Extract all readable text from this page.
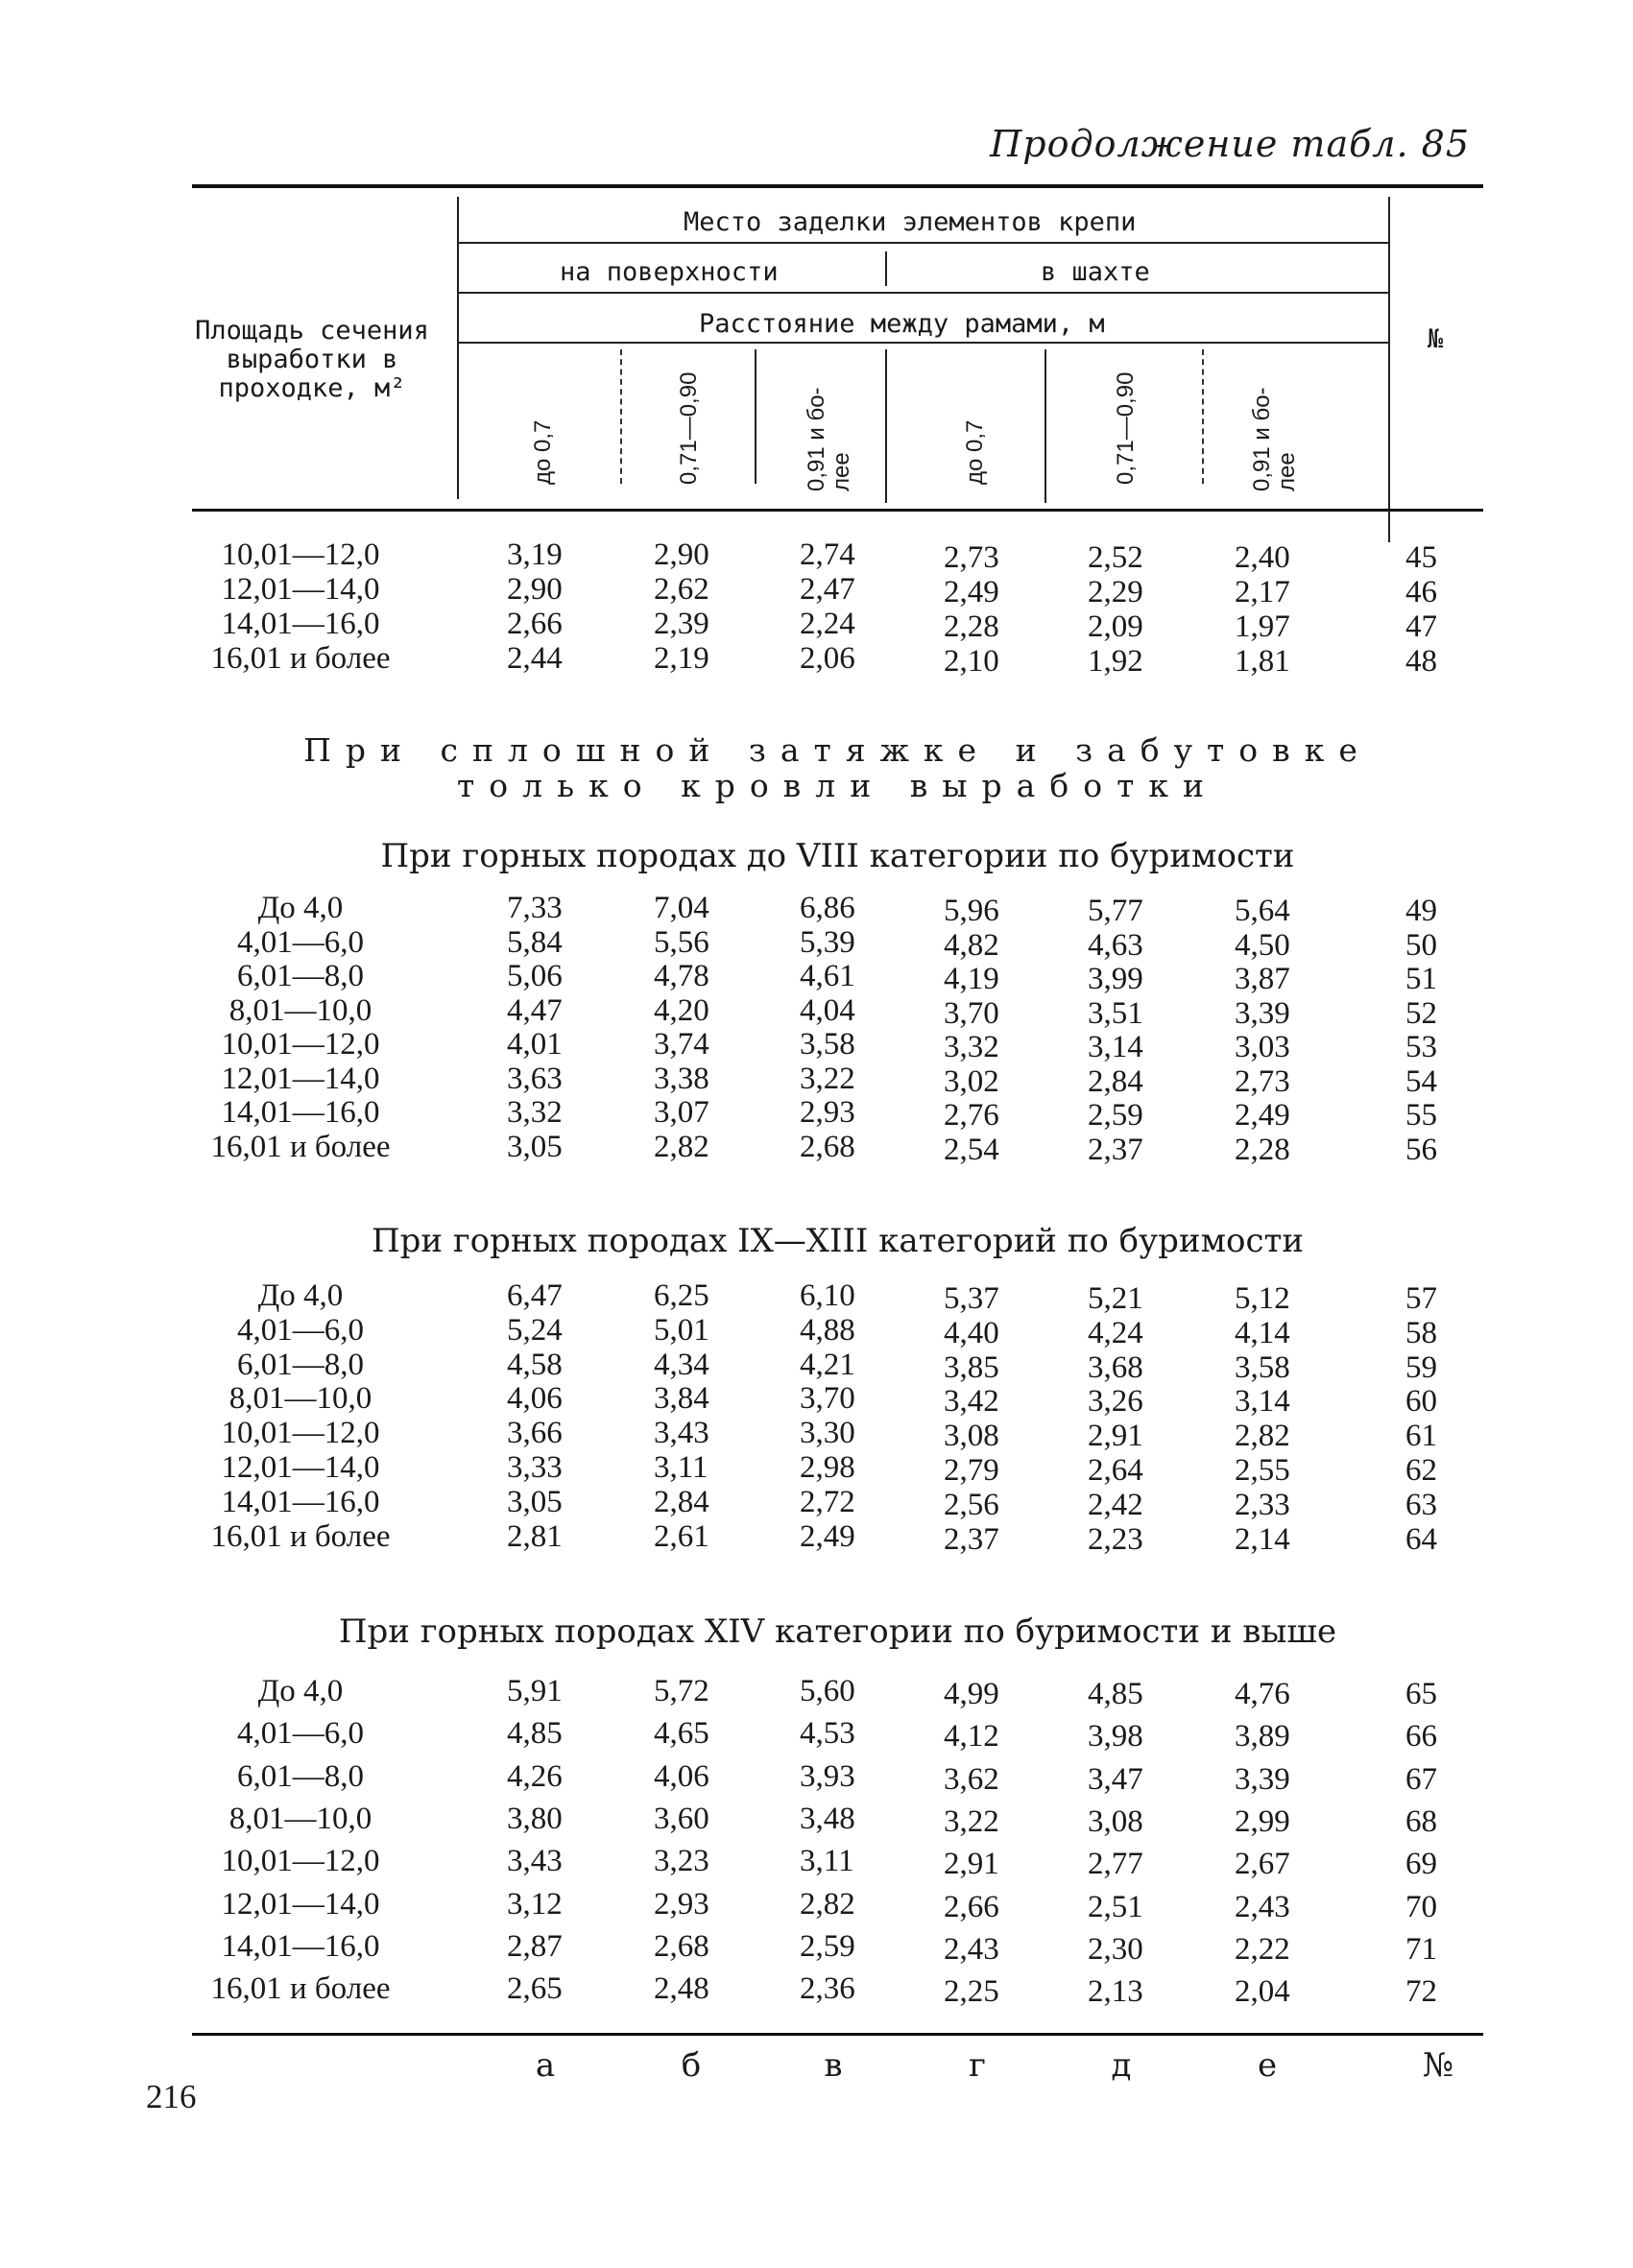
Продолжение табл. 85
Площадь сечения выработки в проходке, м²
Место заделки элементов крепи
на поверхности	в шахте
Расстояние между рамами, м
№
до 0,7	0,71—0,90	0,91 и бо-лее	до 0,7	0,71—0,90	0,91 и бо-лее
При сплошной затяжке и забутовке
только кровли выработки
При горных породах до VIII категории по буримости
При горных породах IX—XIII категорий по буримости
При горных породах XIV категории по буримости и выше
10,01—12,0	3,19	2,90	2,74	2,73	2,52	2,40	45
12,01—14,0	2,90	2,62	2,47	2,49	2,29	2,17	46
14,01—16,0	2,66	2,39	2,24	2,28	2,09	1,97	47
16,01 и более	2,44	2,19	2,06	2,10	1,92	1,81	48
До 4,0	7,33	7,04	6,86	5,96	5,77	5,64	49
4,01—6,0	5,84	5,56	5,39	4,82	4,63	4,50	50
6,01—8,0	5,06	4,78	4,61	4,19	3,99	3,87	51
8,01—10,0	4,47	4,20	4,04	3,70	3,51	3,39	52
10,01—12,0	4,01	3,74	3,58	3,32	3,14	3,03	53
12,01—14,0	3,63	3,38	3,22	3,02	2,84	2,73	54
14,01—16,0	3,32	3,07	2,93	2,76	2,59	2,49	55
16,01 и более	3,05	2,82	2,68	2,54	2,37	2,28	56
До 4,0	6,47	6,25	6,10	5,37	5,21	5,12	57
4,01—6,0	5,24	5,01	4,88	4,40	4,24	4,14	58
6,01—8,0	4,58	4,34	4,21	3,85	3,68	3,58	59
8,01—10,0	4,06	3,84	3,70	3,42	3,26	3,14	60
10,01—12,0	3,66	3,43	3,30	3,08	2,91	2,82	61
12,01—14,0	3,33	3,11	2,98	2,79	2,64	2,55	62
14,01—16,0	3,05	2,84	2,72	2,56	2,42	2,33	63
16,01 и более	2,81	2,61	2,49	2,37	2,23	2,14	64
До 4,0	5,91	5,72	5,60	4,99	4,85	4,76	65
4,01—6,0	4,85	4,65	4,53	4,12	3,98	3,89	66
6,01—8,0	4,26	4,06	3,93	3,62	3,47	3,39	67
8,01—10,0	3,80	3,60	3,48	3,22	3,08	2,99	68
10,01—12,0	3,43	3,23	3,11	2,91	2,77	2,67	69
12,01—14,0	3,12	2,93	2,82	2,66	2,51	2,43	70
14,01—16,0	2,87	2,68	2,59	2,43	2,30	2,22	71
16,01 и более	2,65	2,48	2,36	2,25	2,13	2,04	72
а	б	в	г	д	е	№
216
